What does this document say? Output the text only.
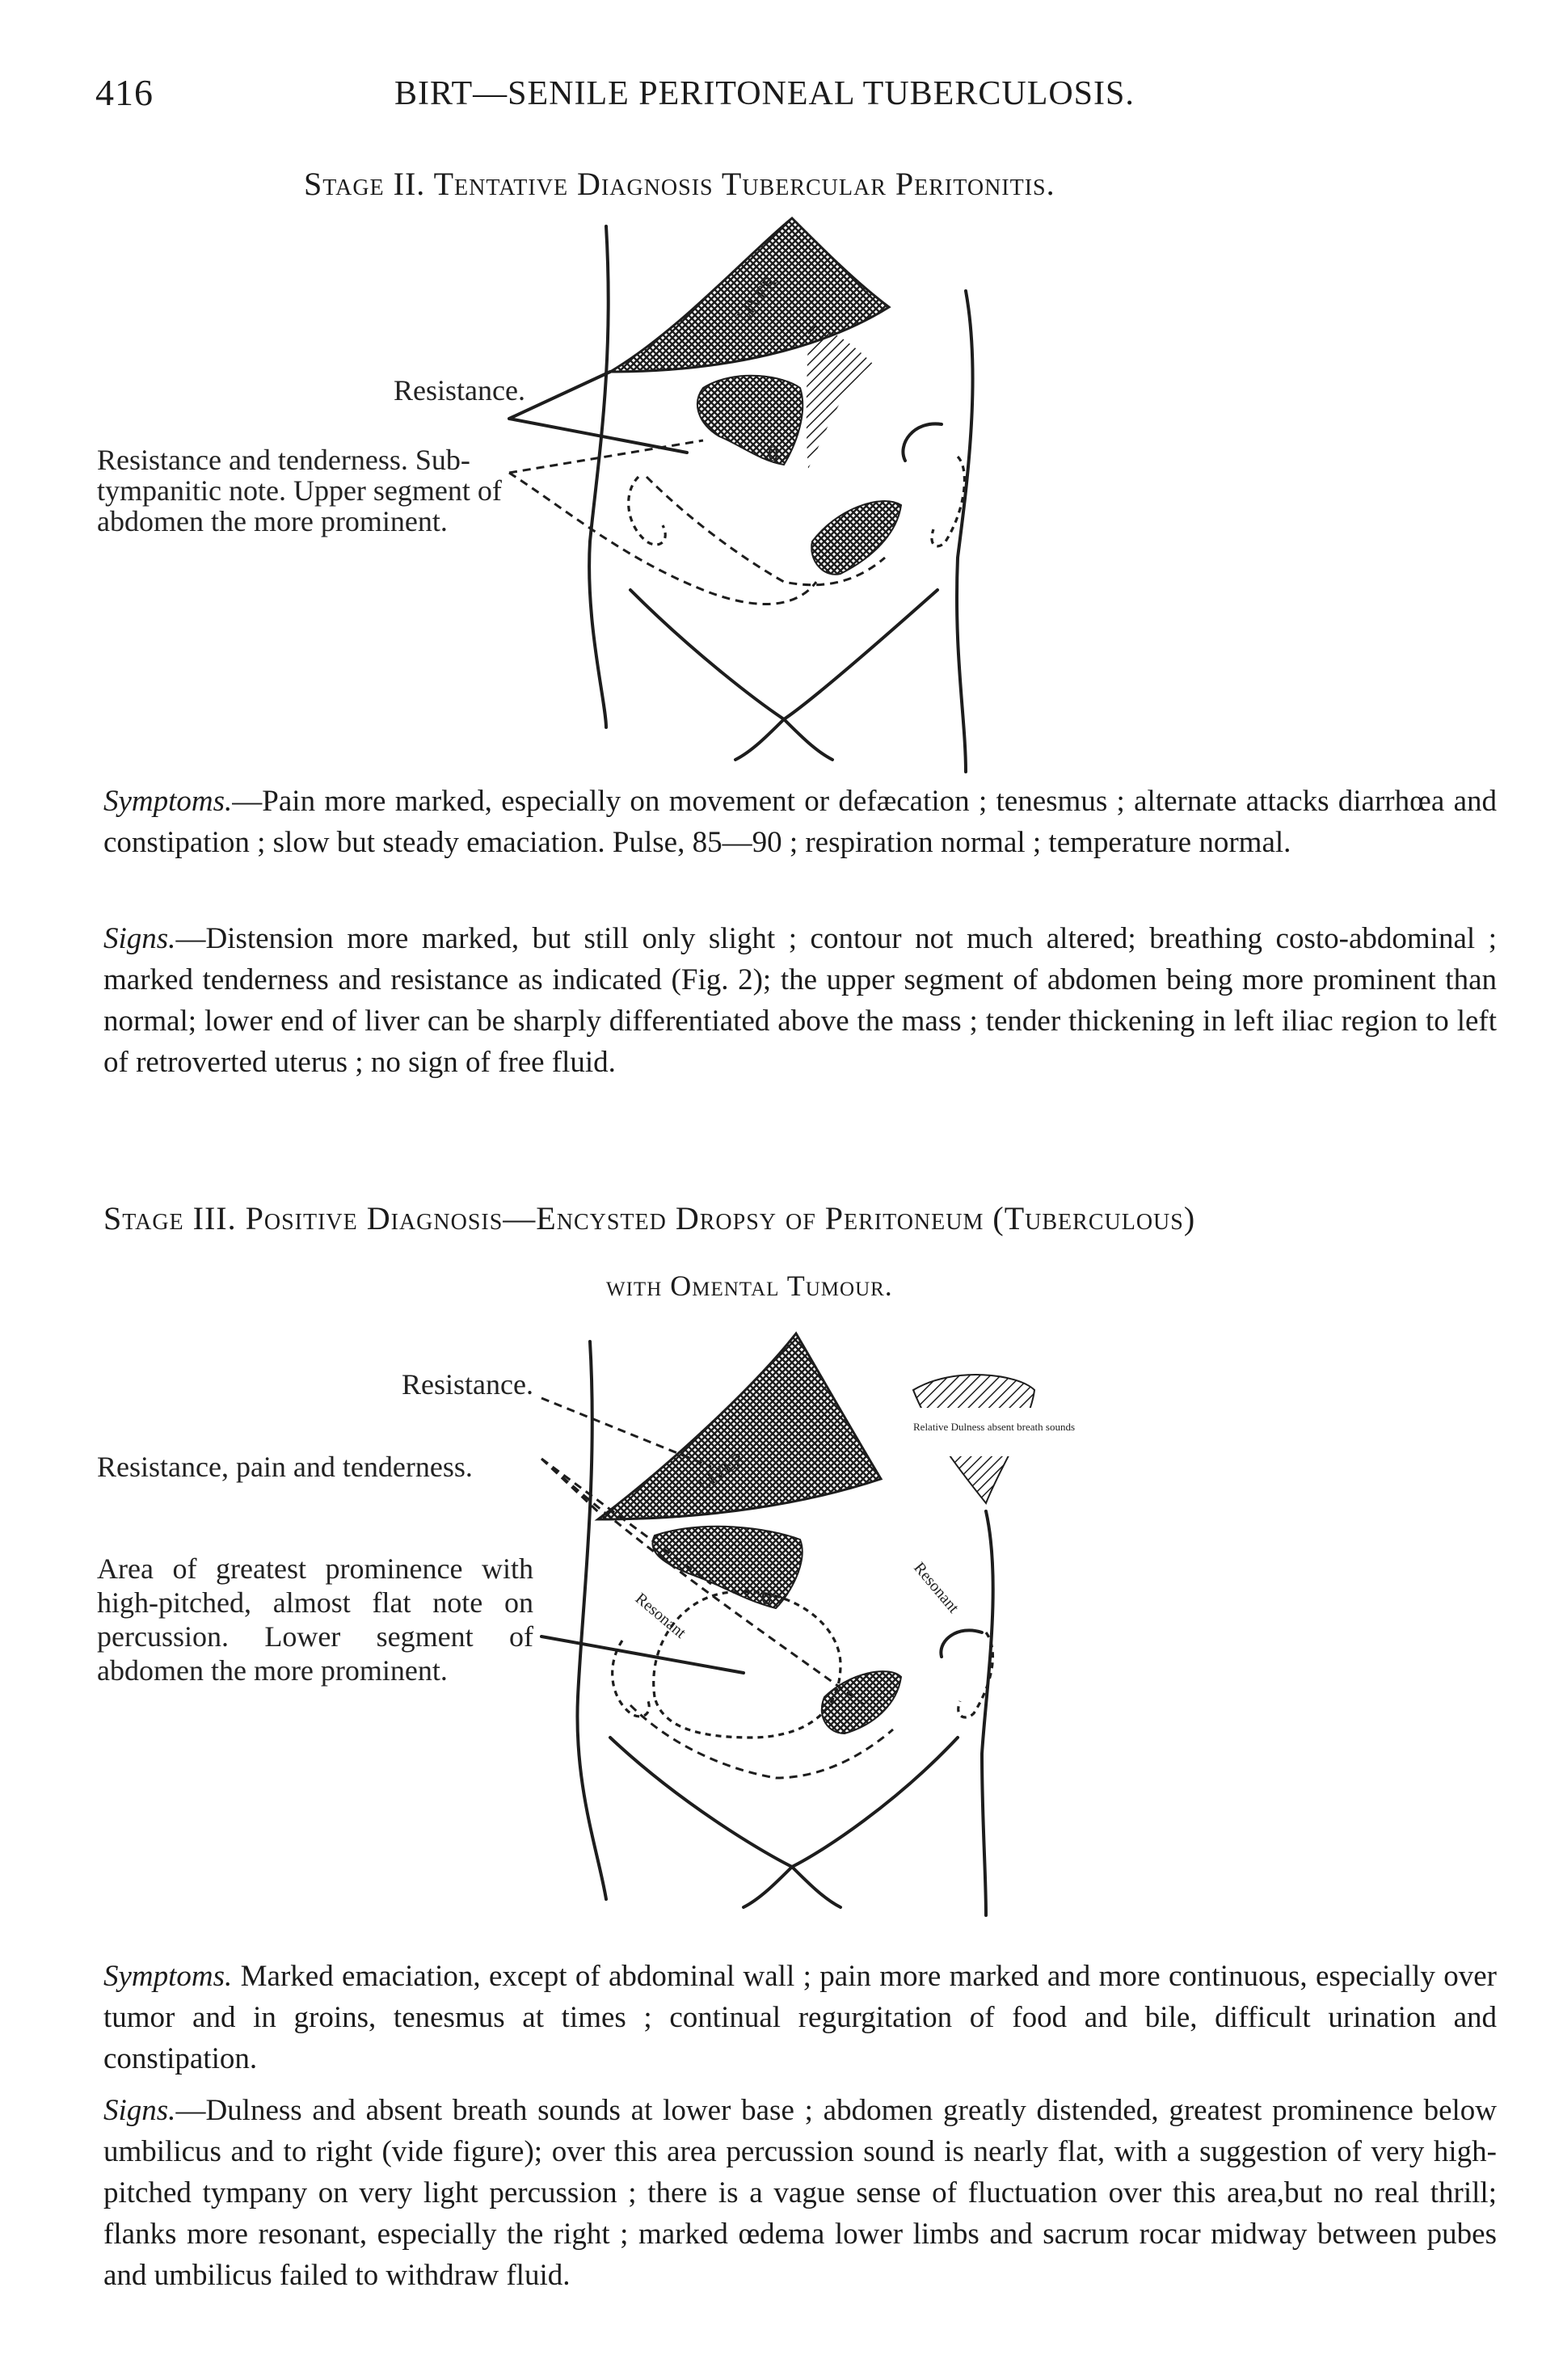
416	BIRT—SENILE PERITONEAL TUBERCULOSIS.
Stage II. Tentative Diagnosis Tubercular Peritonitis.
Resistance.
Resistance and tenderness. Sub-tympanitic note. Upper segment of abdomen the more prominent.
LIVER
0

Symptoms.—Pain more marked, especially on movement or defæcation ; tenesmus ; alternate attacks diarrhœa and constipation ; slow but steady emaciation. Pulse, 85—90 ; respiration normal ; temperature normal.

Signs.—Distension more marked, but still only slight ; contour not much altered; breathing costo-abdominal ; marked tenderness and resistance as indicated (Fig. 2); the upper segment of abdomen being more prominent than normal; lower end of liver can be sharply differentiated above the mass ; tender thickening in left iliac region to left of retroverted uterus ; no sign of free fluid.

Stage III. Positive Diagnosis—Encysted Dropsy of Peritoneum (Tuberculous)
with Omental Tumour.
Resistance.
Resistance, pain and tenderness.
Area of greatest prominence with high-pitched, almost flat note on percussion. Lower segment of abdomen the more prominent.
LIVER
Relative Dulness absent breath sounds
0
Resonant	Resonant

Symptoms. Marked emaciation, except of abdominal wall ; pain more marked and more continuous, especially over tumor and in groins, tenesmus at times ; continual regurgitation of food and bile, difficult urination and constipation.

Signs.—Dulness and absent breath sounds at lower base ; abdomen greatly distended, greatest prominence below umbilicus and to right (vide figure); over this area percussion sound is nearly flat, with a suggestion of very high-pitched tympany on very light percussion ; there is a vague sense of fluctuation over this area,but no real thrill; flanks more resonant, especially the right ; marked œdema lower limbs and sacrum rocar midway between pubes and umbilicus failed to withdraw fluid.
